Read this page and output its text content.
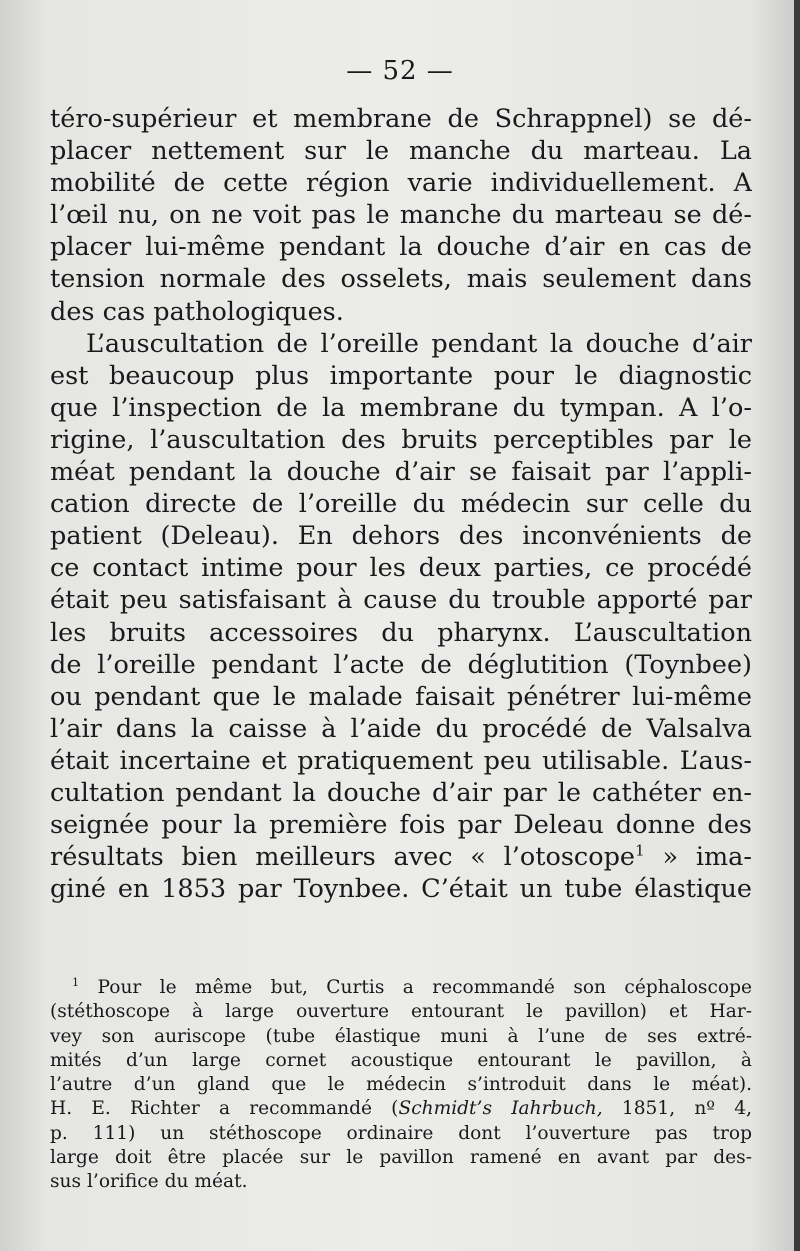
— 52 —
téro-supérieur et membrane de Schrappnel) se dé-
placer nettement sur le manche du marteau. La
mobilité de cette région varie individuellement. A
l’œil nu, on ne voit pas le manche du marteau se dé-
placer lui-même pendant la douche d’air en cas de
tension normale des osselets, mais seulement dans
des cas pathologiques.
L’auscultation de l’oreille pendant la douche d’air
est beaucoup plus importante pour le diagnostic
que l’inspection de la membrane du tympan. A l’o-
rigine, l’auscultation des bruits perceptibles par le
méat pendant la douche d’air se faisait par l’appli-
cation directe de l’oreille du médecin sur celle du
patient (Deleau). En dehors des inconvénients de
ce contact intime pour les deux parties, ce procédé
était peu satisfaisant à cause du trouble apporté par
les bruits accessoires du pharynx. L’auscultation
de l’oreille pendant l’acte de déglutition (Toynbee)
ou pendant que le malade faisait pénétrer lui-même
l’air dans la caisse à l’aide du procédé de Valsalva
était incertaine et pratiquement peu utilisable. L’aus-
cultation pendant la douche d’air par le cathéter en-
seignée pour la première fois par Deleau donne des
résultats bien meilleurs avec « l’otoscope$^1$ » ima-
giné en 1853 par Toynbee. C’était un tube élastique
$^1$ Pour le même but, Curtis a recommandé son céphaloscope
(stéthoscope à large ouverture entourant le pavillon) et Har-
vey son auriscope (tube élastique muni à l’une de ses extré-
mités d’un large cornet acoustique entourant le pavillon, à
l’autre d’un gland que le médecin s’introduit dans le méat).
H. E. Richter a recommandé (Schmidt’s Iahrbuch, 1851, nº 4,
p. 111) un stéthoscope ordinaire dont l’ouverture pas trop
large doit être placée sur le pavillon ramené en avant par des-
sus l’orifice du méat.
